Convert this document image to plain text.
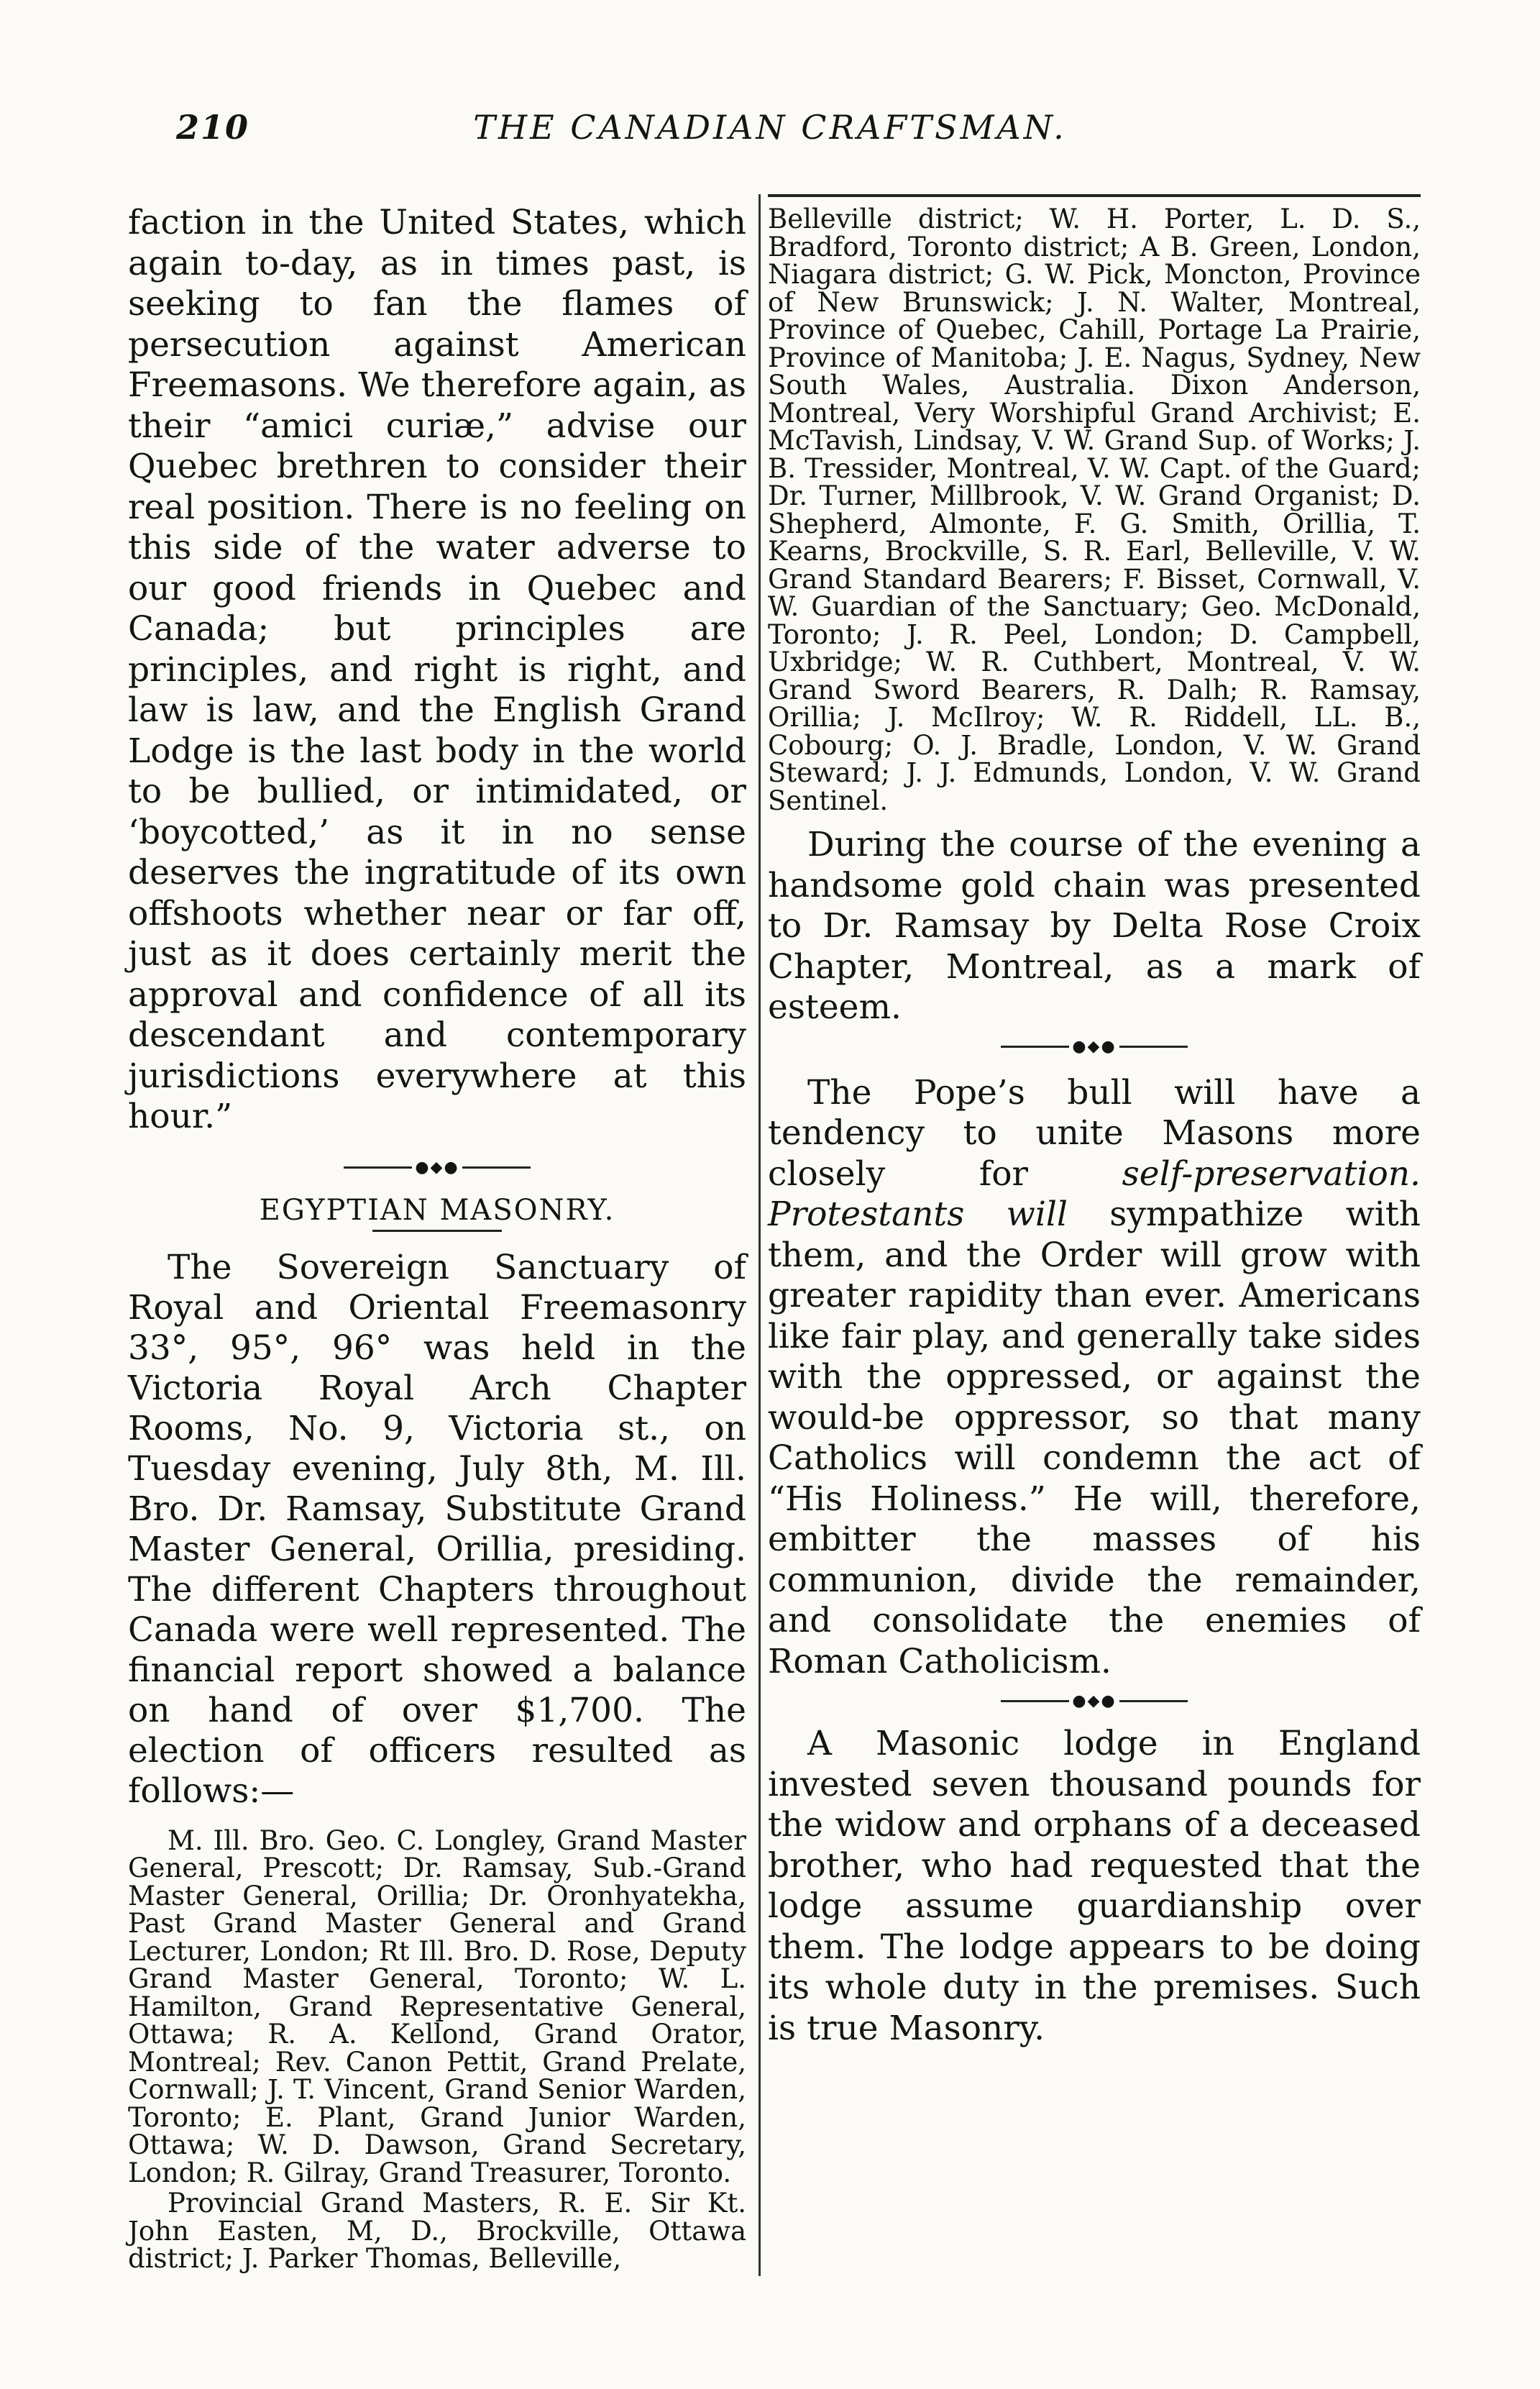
210	THE CANADIAN CRAFTSMAN.

faction in the United States, which again to-day, as in times past, is seeking to fan the flames of persecution against American Freemasons. We therefore again, as their “amici curiæ,” advise our Quebec brethren to consider their real position. There is no feeling on this side of the water adverse to our good friends in Quebec and Canada; but principles are principles, and right is right, and law is law, and the English Grand Lodge is the last body in the world to be bullied, or intimidated, or ‘boycotted,’ as it in no sense deserves the ingratitude of its own offshoots whether near or far off, just as it does certainly merit the approval and confidence of all its descendant and contemporary jurisdictions everywhere at this hour.”

●◆●
EGYPTIAN MASONRY.

The Sovereign Sanctuary of Royal and Oriental Freemasonry 33°, 95°, 96° was held in the Victoria Royal Arch Chapter Rooms, No. 9, Victoria st., on Tuesday evening, July 8th, M. Ill. Bro. Dr. Ramsay, Substitute Grand Master General, Orillia, presiding. The different Chapters throughout Canada were well represented. The financial report showed a balance on hand of over $1,700. The election of officers resulted as follows:—

M. Ill. Bro. Geo. C. Longley, Grand Master General, Prescott; Dr. Ramsay, Sub.-Grand Master General, Orillia; Dr. Oronhyatekha, Past Grand Master General and Grand Lecturer, London; Rt Ill. Bro. D. Rose, Deputy Grand Master General, Toronto; W. L. Hamilton, Grand Representative General, Ottawa; R. A. Kellond, Grand Orator, Montreal; Rev. Canon Pettit, Grand Prelate, Cornwall; J. T. Vincent, Grand Senior Warden, Toronto; E. Plant, Grand Junior Warden, Ottawa; W. D. Dawson, Grand Secretary, London; R. Gilray, Grand Treasurer, Toronto.

Provincial Grand Masters, R. E. Sir Kt. John Easten, M, D., Brockville, Ottawa district; J. Parker Thomas, Belleville,

Belleville district; W. H. Porter, L. D. S., Bradford, Toronto district; A B. Green, London, Niagara district; G. W. Pick, Moncton, Province of New Brunswick; J. N. Walter, Montreal, Province of Quebec, Cahill, Portage La Prairie, Province of Manitoba; J. E. Nagus, Sydney, New South Wales, Australia. Dixon Anderson, Montreal, Very Worshipful Grand Archivist; E. McTavish, Lindsay, V. W. Grand Sup. of Works; J. B. Tressider, Montreal, V. W. Capt. of the Guard; Dr. Turner, Millbrook, V. W. Grand Organist; D. Shepherd, Almonte, F. G. Smith, Orillia, T. Kearns, Brockville, S. R. Earl, Belleville, V. W. Grand Standard Bearers; F. Bisset, Cornwall, V. W. Guardian of the Sanctuary; Geo. McDonald, Toronto; J. R. Peel, London; D. Campbell, Uxbridge; W. R. Cuthbert, Montreal, V. W. Grand Sword Bearers, R. Dalh; R. Ramsay, Orillia; J. McIlroy; W. R. Riddell, LL. B., Cobourg; O. J. Bradle, London, V. W. Grand Steward; J. J. Edmunds, London, V. W. Grand Sentinel.

During the course of the evening a handsome gold chain was presented to Dr. Ramsay by Delta Rose Croix Chapter, Montreal, as a mark of esteem.

●◆●

The Pope’s bull will have a tendency to unite Masons more closely for self-preservation. Protestants will sympathize with them, and the Order will grow with greater rapidity than ever. Americans like fair play, and generally take sides with the oppressed, or against the would-be oppressor, so that many Catholics will condemn the act of “His Holiness.” He will, therefore, embitter the masses of his communion, divide the remainder, and consolidate the enemies of Roman Catholicism.

●◆●

A Masonic lodge in England invested seven thousand pounds for the widow and orphans of a deceased brother, who had requested that the lodge assume guardianship over them. The lodge appears to be doing its whole duty in the premises. Such is true Masonry.
